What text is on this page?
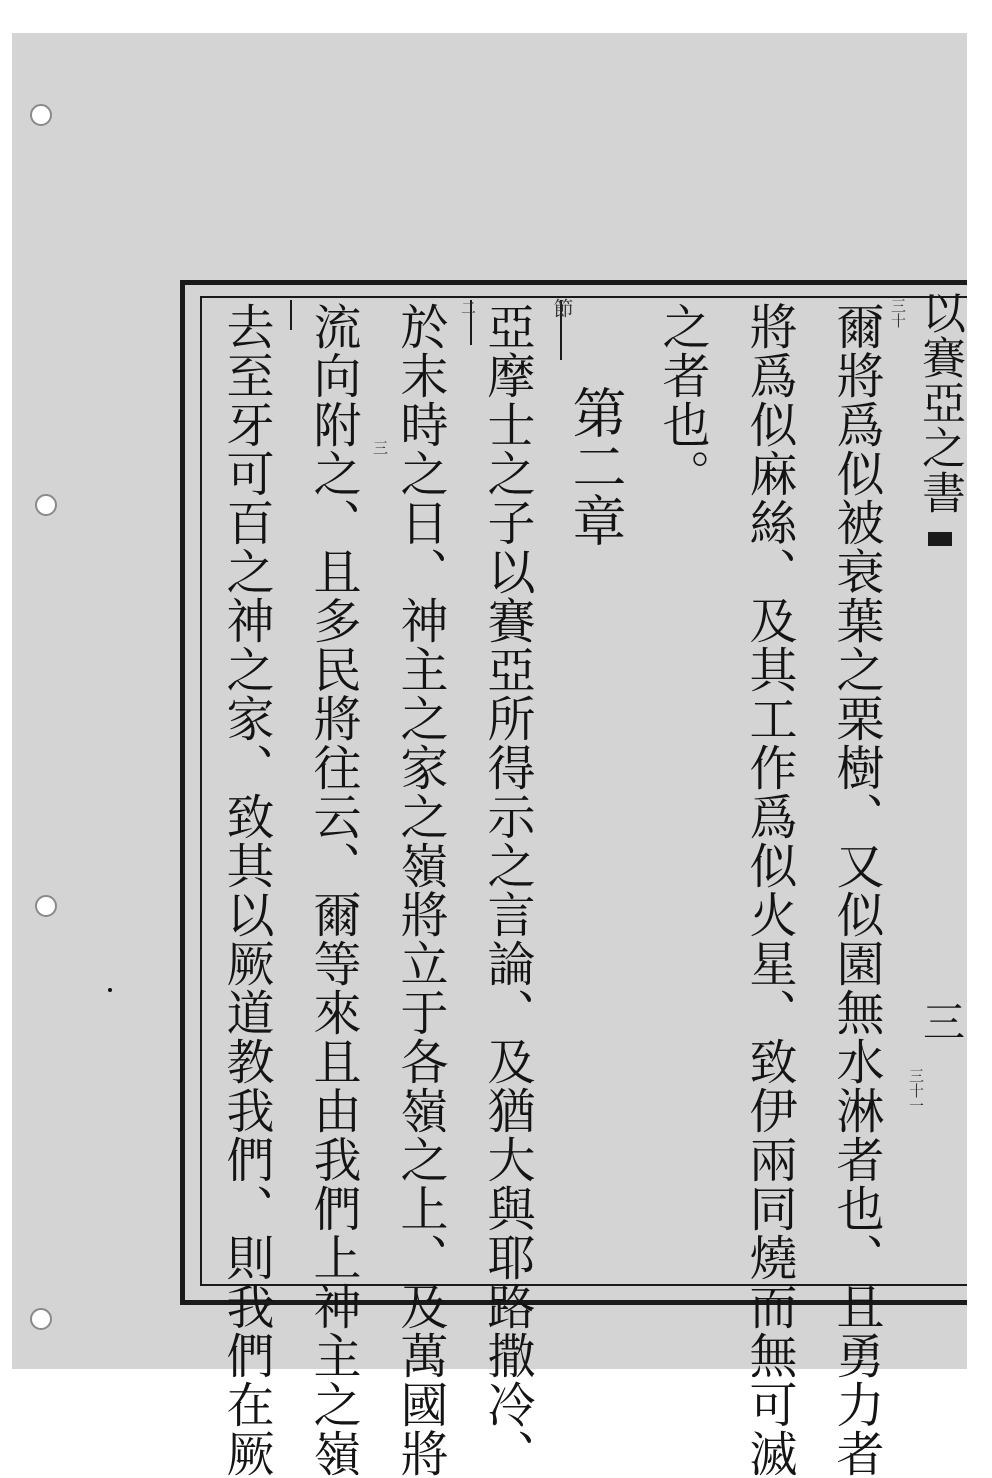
以賽亞之書
三
三十
三十一
節
二
三	爾將爲似被衰葉之栗樹、又似園無水淋者也、且勇力者
將爲似麻絲、及其工作爲似火星、致伊兩同燒而無可滅
之者也。
第二章
亞摩士之子以賽亞所得示之言論、及猶大與耶路撒冷、
於末時之日、神主之家之嶺將立于各嶺之上、及萬國將
流向附之、且多民將往云、爾等來且由我們上神主之嶺
去至牙可百之神之家、致其以厥道教我們、則我們在厥
